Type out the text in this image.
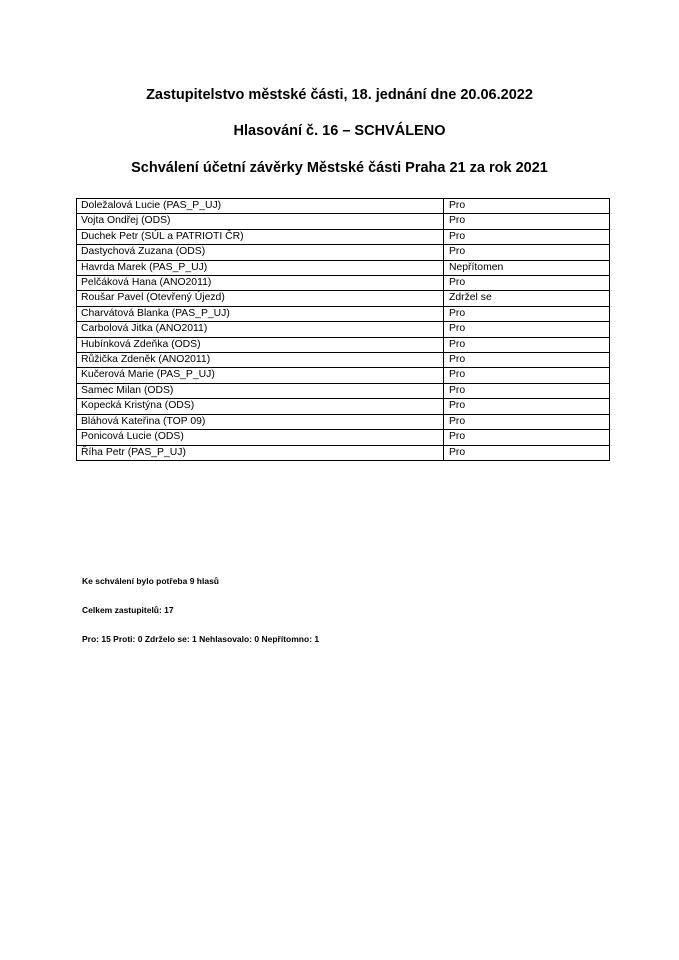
Zastupitelstvo městské části, 18. jednání dne 20.06.2022
Hlasování č. 16 – SCHVÁLENO
Schválení účetní závěrky Městské části Praha 21 za rok 2021
Doležalová Lucie (PAS_P_UJ)	Pro
Vojta Ondřej (ODS)	Pro
Duchek Petr (SÚL a PATRIOTI ČR)	Pro
Dastychová Zuzana (ODS)	Pro
Havrda Marek (PAS_P_UJ)	Nepřítomen
Pelčáková Hana (ANO2011)	Pro
Roušar Pavel (Otevřený Újezd)	Zdržel se
Charvátová Blanka (PAS_P_UJ)	Pro
Carbolová Jitka (ANO2011)	Pro
Hubínková Zdeňka (ODS)	Pro
Růžička Zdeněk (ANO2011)	Pro
Kučerová Marie (PAS_P_UJ)	Pro
Samec Milan (ODS)	Pro
Kopecká Kristýna (ODS)	Pro
Bláhová Kateřina (TOP 09)	Pro
Ponicová Lucie (ODS)	Pro
Říha Petr (PAS_P_UJ)	Pro
Ke schválení bylo potřeba 9 hlasů
Celkem zastupitelů: 17
Pro: 15 Proti: 0 Zdrželo se: 1 Nehlasovalo: 0 Nepřítomno: 1
